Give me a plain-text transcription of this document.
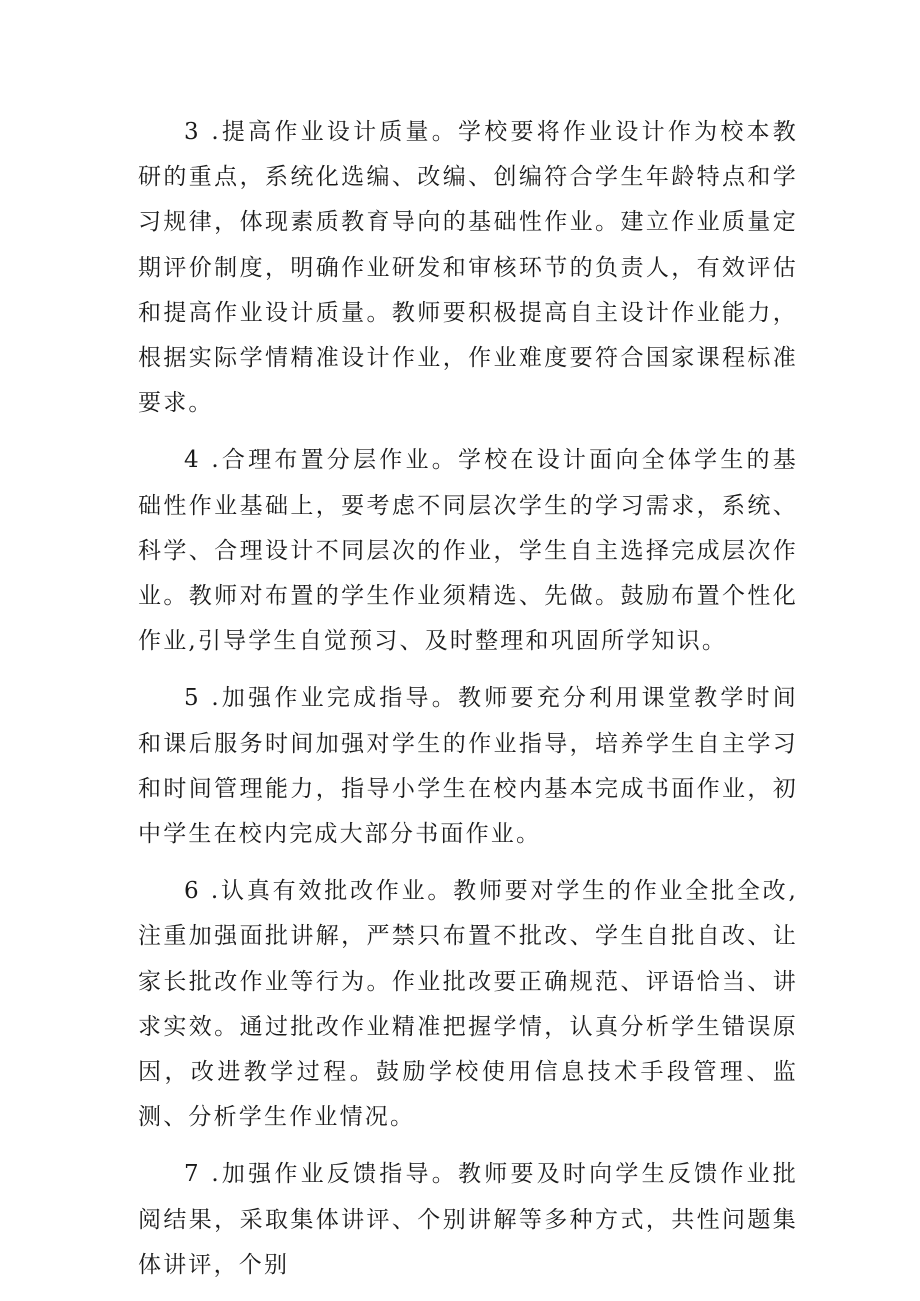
3 .提高作业设计质量。学校要将作业设计作为校本教研的重点，系统化选编、改编、创编符合学生年龄特点和学习规律，体现素质教育导向的基础性作业。建立作业质量定期评价制度，明确作业研发和审核环节的负责人，有效评估和提高作业设计质量。教师要积极提高自主设计作业能力，根据实际学情精准设计作业，作业难度要符合国家课程标准要求。

4 .合理布置分层作业。学校在设计面向全体学生的基础性作业基础上，要考虑不同层次学生的学习需求，系统、科学、合理设计不同层次的作业，学生自主选择完成层次作业。教师对布置的学生作业须精选、先做。鼓励布置个性化作业,引导学生自觉预习、及时整理和巩固所学知识。

5 .加强作业完成指导。教师要充分利用课堂教学时间和课后服务时间加强对学生的作业指导，培养学生自主学习和时间管理能力，指导小学生在校内基本完成书面作业，初中学生在校内完成大部分书面作业。

6 .认真有效批改作业。教师要对学生的作业全批全改,注重加强面批讲解，严禁只布置不批改、学生自批自改、让家长批改作业等行为。作业批改要正确规范、评语恰当、讲求实效。通过批改作业精准把握学情，认真分析学生错误原因，改进教学过程。鼓励学校使用信息技术手段管理、监测、分析学生作业情况。

7 .加强作业反馈指导。教师要及时向学生反馈作业批阅结果，采取集体讲评、个别讲解等多种方式，共性问题集体讲评，个别
